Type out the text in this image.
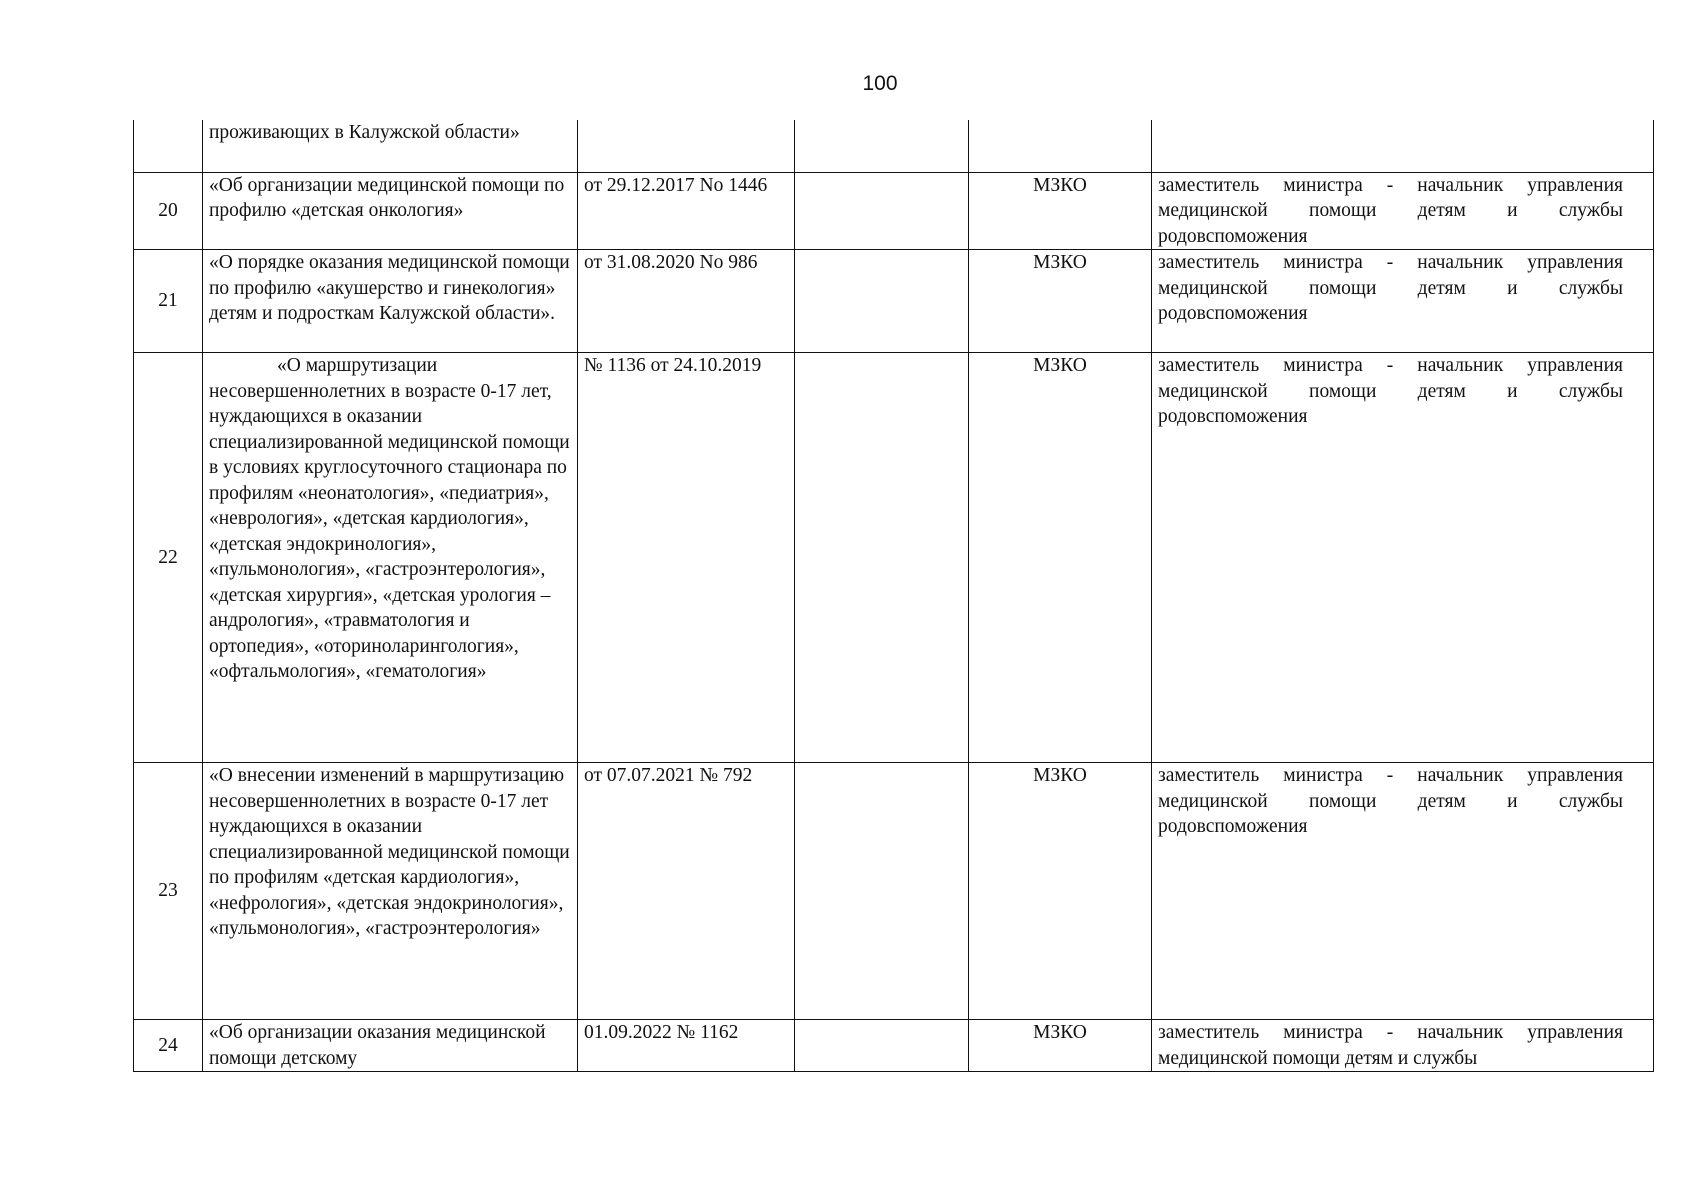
100
	проживающих в Калужской области»				
20	«Об организации медицинской помощи по профилю «детская онкология»	от 29.12.2017 No 1446		МЗКО	заместитель министра - начальник управления медицинской помощи детям и службы родовспоможения
21	«О порядке оказания медицинской помощи по профилю «акушерство и гинекология» детям и подросткам Калужской области».	от 31.08.2020 No 986		МЗКО	заместитель министра - начальник управления медицинской помощи детям и службы родовспоможения
22	«О маршрутизации несовершеннолетних в возрасте 0-17 лет, нуждающихся в оказании специализированной медицинской помощи в условиях круглосуточного стационара по профилям «неонатология», «педиатрия», «неврология», «детская кардиология», «детская эндокринология», «пульмонология», «гастроэнтерология», «детская хирургия», «детская урология – андрология», «травматология и ортопедия», «оториноларингология», «офтальмология», «гематология»	№ 1136 от 24.10.2019		МЗКО	заместитель министра - начальник управления медицинской помощи детям и службы родовспоможения
23	«О внесении изменений в маршрутизацию несовершеннолетних в возрасте 0-17 лет нуждающихся в оказании специализированной медицинской помощи по профилям «детская кардиология», «нефрология», «детская эндокринология», «пульмонология», «гастроэнтерология»	от 07.07.2021 № 792		МЗКО	заместитель министра - начальник управления медицинской помощи детям и службы родовспоможения
24	«Об организации оказания медицинской помощи детскому	01.09.2022 № 1162		МЗКО	заместитель министра - начальник управления медицинской помощи детям и службы
